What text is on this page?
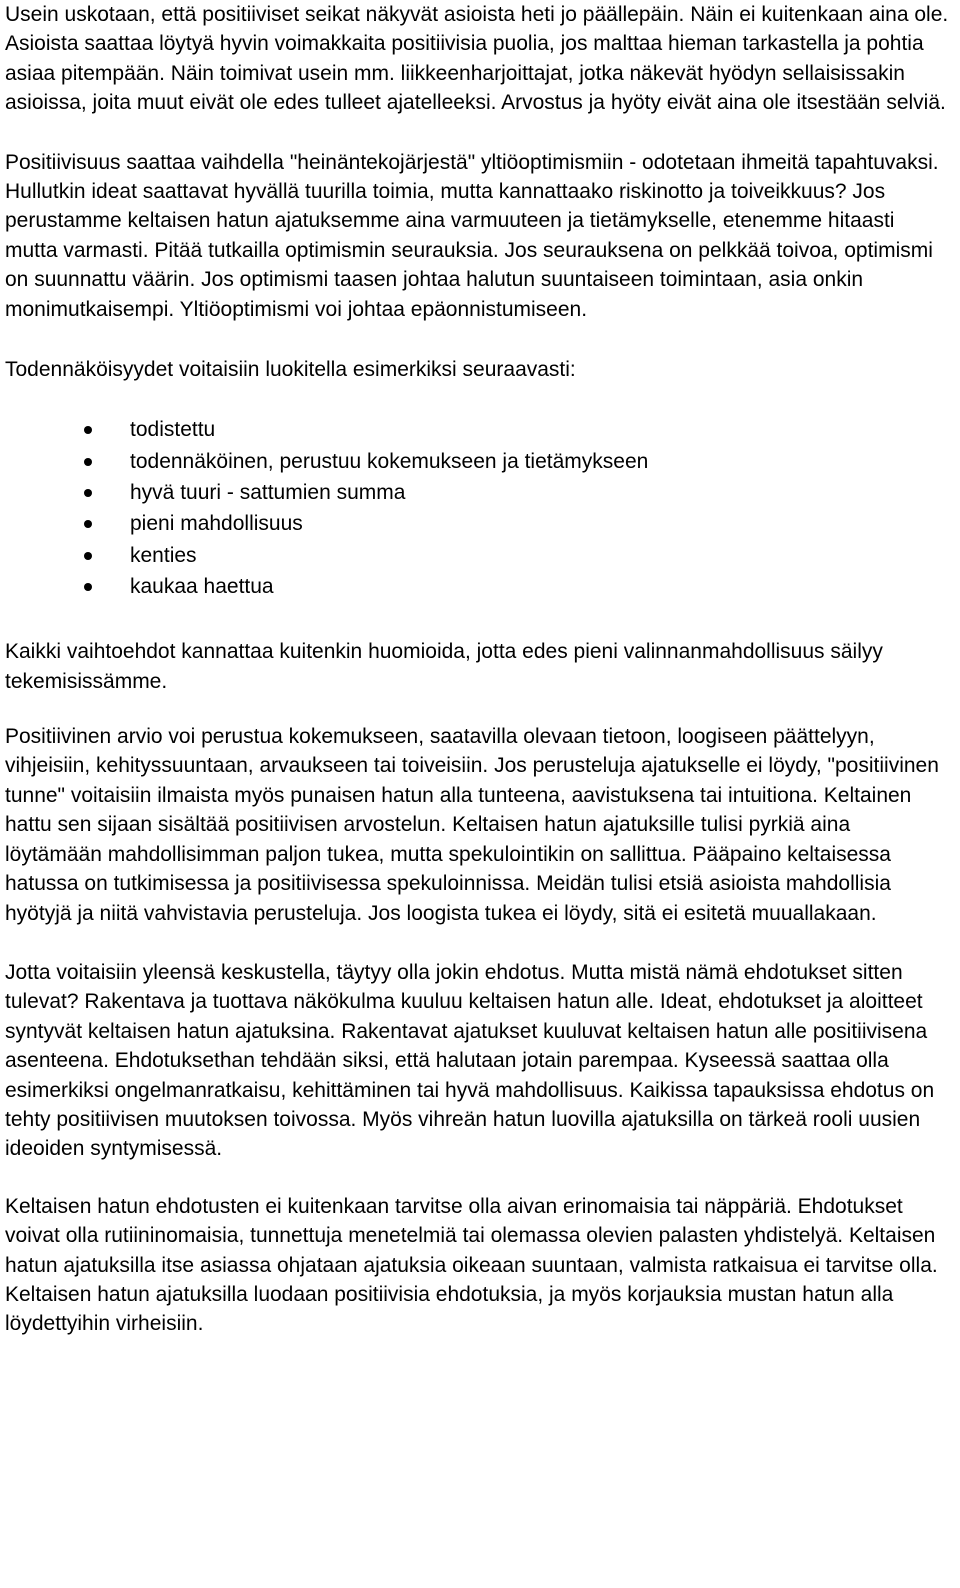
Usein uskotaan, että positiiviset seikat näkyvät asioista heti jo päällepäin. Näin ei kuitenkaan aina ole. Asioista saattaa löytyä hyvin voimakkaita positiivisia puolia, jos malttaa hieman tarkastella ja pohtia asiaa pitempään. Näin toimivat usein mm. liikkeenharjoittajat, jotka näkevät hyödyn sellaisissakin asioissa, joita muut eivät ole edes tulleet ajatelleeksi. Arvostus ja hyöty eivät aina ole itsestään selviä.

Positiivisuus saattaa vaihdella "heinäntekojärjestä" yltiöoptimismiin - odotetaan ihmeitä tapahtuvaksi. Hullutkin ideat saattavat hyvällä tuurilla toimia, mutta kannattaako riskinotto ja toiveikkuus? Jos perustamme keltaisen hatun ajatuksemme aina varmuuteen ja tietämykselle, etenemme hitaasti mutta varmasti. Pitää tutkailla optimismin seurauksia. Jos seurauksena on pelkkää toivoa, optimismi on suunnattu väärin. Jos optimismi taasen johtaa halutun suuntaiseen toimintaan, asia onkin monimutkaisempi. Yltiöoptimismi voi johtaa epäonnistumiseen.

Todennäköisyydet voitaisiin luokitella esimerkiksi seuraavasti:

todistettu
todennäköinen, perustuu kokemukseen ja tietämykseen
hyvä tuuri - sattumien summa
pieni mahdollisuus
kenties
kaukaa haettua

Kaikki vaihtoehdot kannattaa kuitenkin huomioida, jotta edes pieni valinnanmahdollisuus säilyy tekemisissämme.

Positiivinen arvio voi perustua kokemukseen, saatavilla olevaan tietoon, loogiseen päättelyyn, vihjeisiin, kehityssuuntaan, arvaukseen tai toiveisiin. Jos perusteluja ajatukselle ei löydy, "positiivinen tunne" voitaisiin ilmaista myös punaisen hatun alla tunteena, aavistuksena tai intuitiona. Keltainen hattu sen sijaan sisältää positiivisen arvostelun. Keltaisen hatun ajatuksille tulisi pyrkiä aina löytämään mahdollisimman paljon tukea, mutta spekulointikin on sallittua. Pääpaino keltaisessa hatussa on tutkimisessa ja positiivisessa spekuloinnissa. Meidän tulisi etsiä asioista mahdollisia hyötyjä ja niitä vahvistavia perusteluja. Jos loogista tukea ei löydy, sitä ei esitetä muuallakaan.

Jotta voitaisiin yleensä keskustella, täytyy olla jokin ehdotus. Mutta mistä nämä ehdotukset sitten tulevat? Rakentava ja tuottava näkökulma kuuluu keltaisen hatun alle. Ideat, ehdotukset ja aloitteet syntyvät keltaisen hatun ajatuksina. Rakentavat ajatukset kuuluvat keltaisen hatun alle positiivisena asenteena. Ehdotuksethan tehdään siksi, että halutaan jotain parempaa. Kyseessä saattaa olla esimerkiksi ongelmanratkaisu, kehittäminen tai hyvä mahdollisuus. Kaikissa tapauksissa ehdotus on tehty positiivisen muutoksen toivossa. Myös vihreän hatun luovilla ajatuksilla on tärkeä rooli uusien ideoiden syntymisessä.

Keltaisen hatun ehdotusten ei kuitenkaan tarvitse olla aivan erinomaisia tai näppäriä. Ehdotukset voivat olla rutiininomaisia, tunnettuja menetelmiä tai olemassa olevien palasten yhdistelyä. Keltaisen hatun ajatuksilla itse asiassa ohjataan ajatuksia oikeaan suuntaan, valmista ratkaisua ei tarvitse olla. Keltaisen hatun ajatuksilla luodaan positiivisia ehdotuksia, ja myös korjauksia mustan hatun alla löydettyihin virheisiin.
